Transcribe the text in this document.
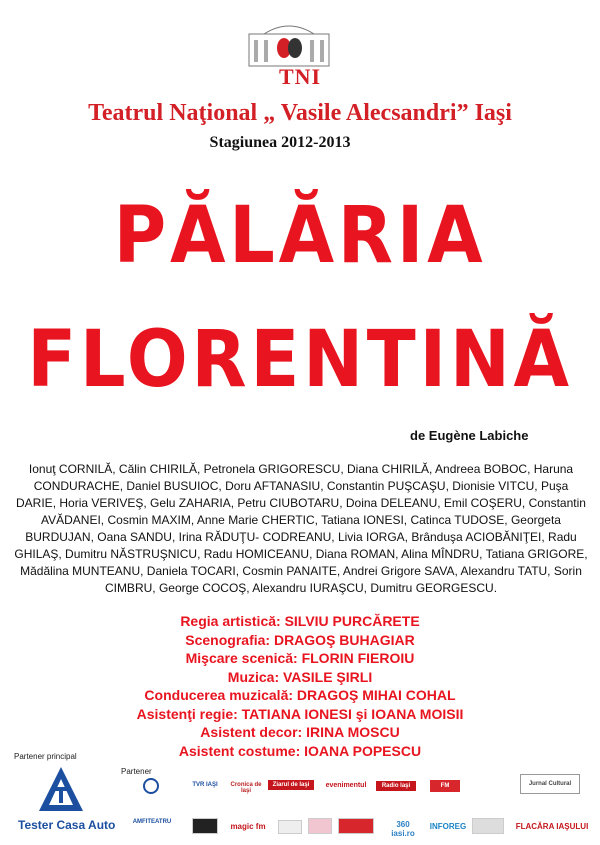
TNI
Teatrul Naţional „ Vasile Alecsandri” Iaşi
Stagiunea 2012-2013
PĂLĂRIA
FLORENTINĂ
de Eugène Labiche
Ionuţ CORNILĂ, Călin CHIRILĂ, Petronela GRIGORESCU, Diana CHIRILĂ, Andreea BOBOC, Haruna CONDURACHE, Daniel BUSUIOC, Doru AFTANASIU, Constantin PUŞCAŞU, Dionisie VITCU, Puşa DARIE, Horia VERIVEŞ, Gelu ZAHARIA, Petru CIUBOTARU, Doina DELEANU, Emil COŞERU, Constantin AVĂDANEI, Cosmin MAXIM, Anne Marie CHERTIC, Tatiana IONESI, Catinca TUDOSE, Georgeta BURDUJAN, Oana SANDU, Irina RĂDUŢU- CODREANU, Livia IORGA, Brânduşa ACIOBĂNIŢEI, Radu GHILAŞ, Dumitru NĂSTRUŞNICU, Radu HOMICEANU, Diana ROMAN, Alina MÎNDRU, Tatiana GRIGORE, Mădălina MUNTEANU, Daniela TOCARI, Cosmin PANAITE, Andrei Grigore SAVA, Alexandru TATU, Sorin CIMBRU, George COCOŞ, Alexandru IURAŞCU, Dumitru GEORGESCU.
Regia artistică: SILVIU PURCĂRETE
Scenografia: DRAGOŞ BUHAGIAR
Mişcare scenică: FLORIN FIEROIU
Muzica: VASILE ŞIRLI
Conducerea muzicală: DRAGOŞ MIHAI COHAL
Asistenţi regie: TATIANA IONESI şi IOANA MOISII
Asistent decor: IRINA MOSCU
Asistent costume: IOANA POPESCU
Partener principal
Tester Casa Auto
Partener
AMFITEATRU
TVR IAŞI	Cronica de Iaşi
Ziarul de Iaşi	evenimentul	Radio Iaşi	FM	Jurnal Cultural
magic fm	360 iasi.ro
INFOREG	FLACĂRA IAŞULUI
